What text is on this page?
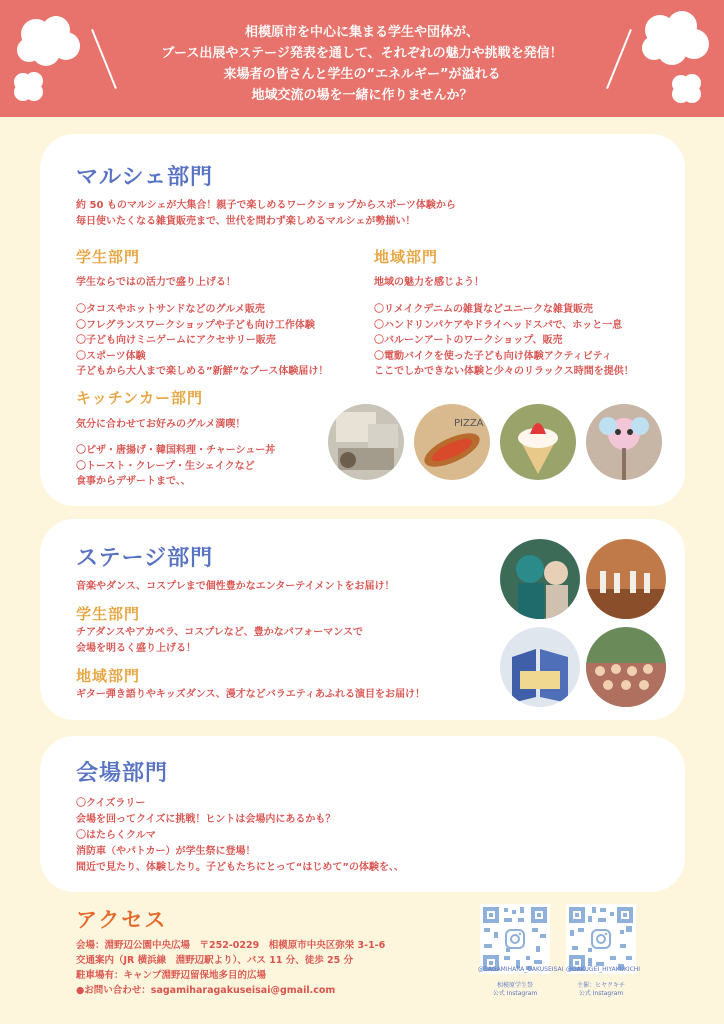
相模原市を中心に集まる学生や団体が、
ブース出展やステージ発表を通して、それぞれの魅力や挑戦を発信！
来場者の皆さんと学生の“エネルギー”が溢れる
地域交流の場を一緒に作りませんか？
マルシェ部門
約 50 ものマルシェが大集合！親子で楽しめるワークショップからスポーツ体験から
毎日使いたくなる雑貨販売まで、世代を問わず楽しめるマルシェが勢揃い！
学生部門
学生ならではの活力で盛り上げる！
〇タコスやホットサンドなどのグルメ販売
〇フレグランスワークショップや子ども向け工作体験
〇子ども向けミニゲームにアクセサリー販売
〇スポーツ体験
子どもから大人まで楽しめる”新鮮”なブース体験届け！
地域部門
地域の魅力を感じよう！
〇リメイクデニムの雑貨などユニークな雑貨販売
〇ハンドリンパケアやドライヘッドスパで、ホッと一息
〇バルーンアートのワークショップ、販売
〇電動バイクを使った子ども向け体験アクティビティ
ここでしかできない体験と少々のリラックス時間を提供！
キッチンカー部門
気分に合わせてお好みのグルメ満喫！
〇ピザ・唐揚げ・韓国料理・チャーシュー丼
〇トースト・クレープ・生シェイクなど
食事からデザートまで、、
PIZZA
ステージ部門
音楽やダンス、コスプレまで個性豊かなエンターテイメントをお届け！
学生部門
チアダンスやアカペラ、コスプレなど、豊かなパフォーマンスで
会場を明るく盛り上げる！
地域部門
ギター弾き語りやキッズダンス、漫才などバラエティあふれる演目をお届け！
会場部門
〇クイズラリー
会場を回ってクイズに挑戦！ヒントは会場内にあるかも？
〇はたらくクルマ
消防車（やパトカー）が学生祭に登場！
間近で見たり、体験したり。子どもたちにとって“はじめて”の体験を、、
アクセス
会場：淵野辺公園中央広場　〒252-0229　相模原市中央区弥栄 3-1-6
交通案内（JR 横浜線　淵野辺駅より）、バス 11 分、徒歩 25 分
駐車場有：キャンプ淵野辺留保地多目的広場
●お問い合わせ：sagamiharagakuseisai@gmail.com
@SAGAMIHARA_GAKUSEISAI
相模原学生祭
公式 Instagram
@GAKUGEI_HIYAKUKICHI
主催：ヒヤクキチ
公式 Instagram
